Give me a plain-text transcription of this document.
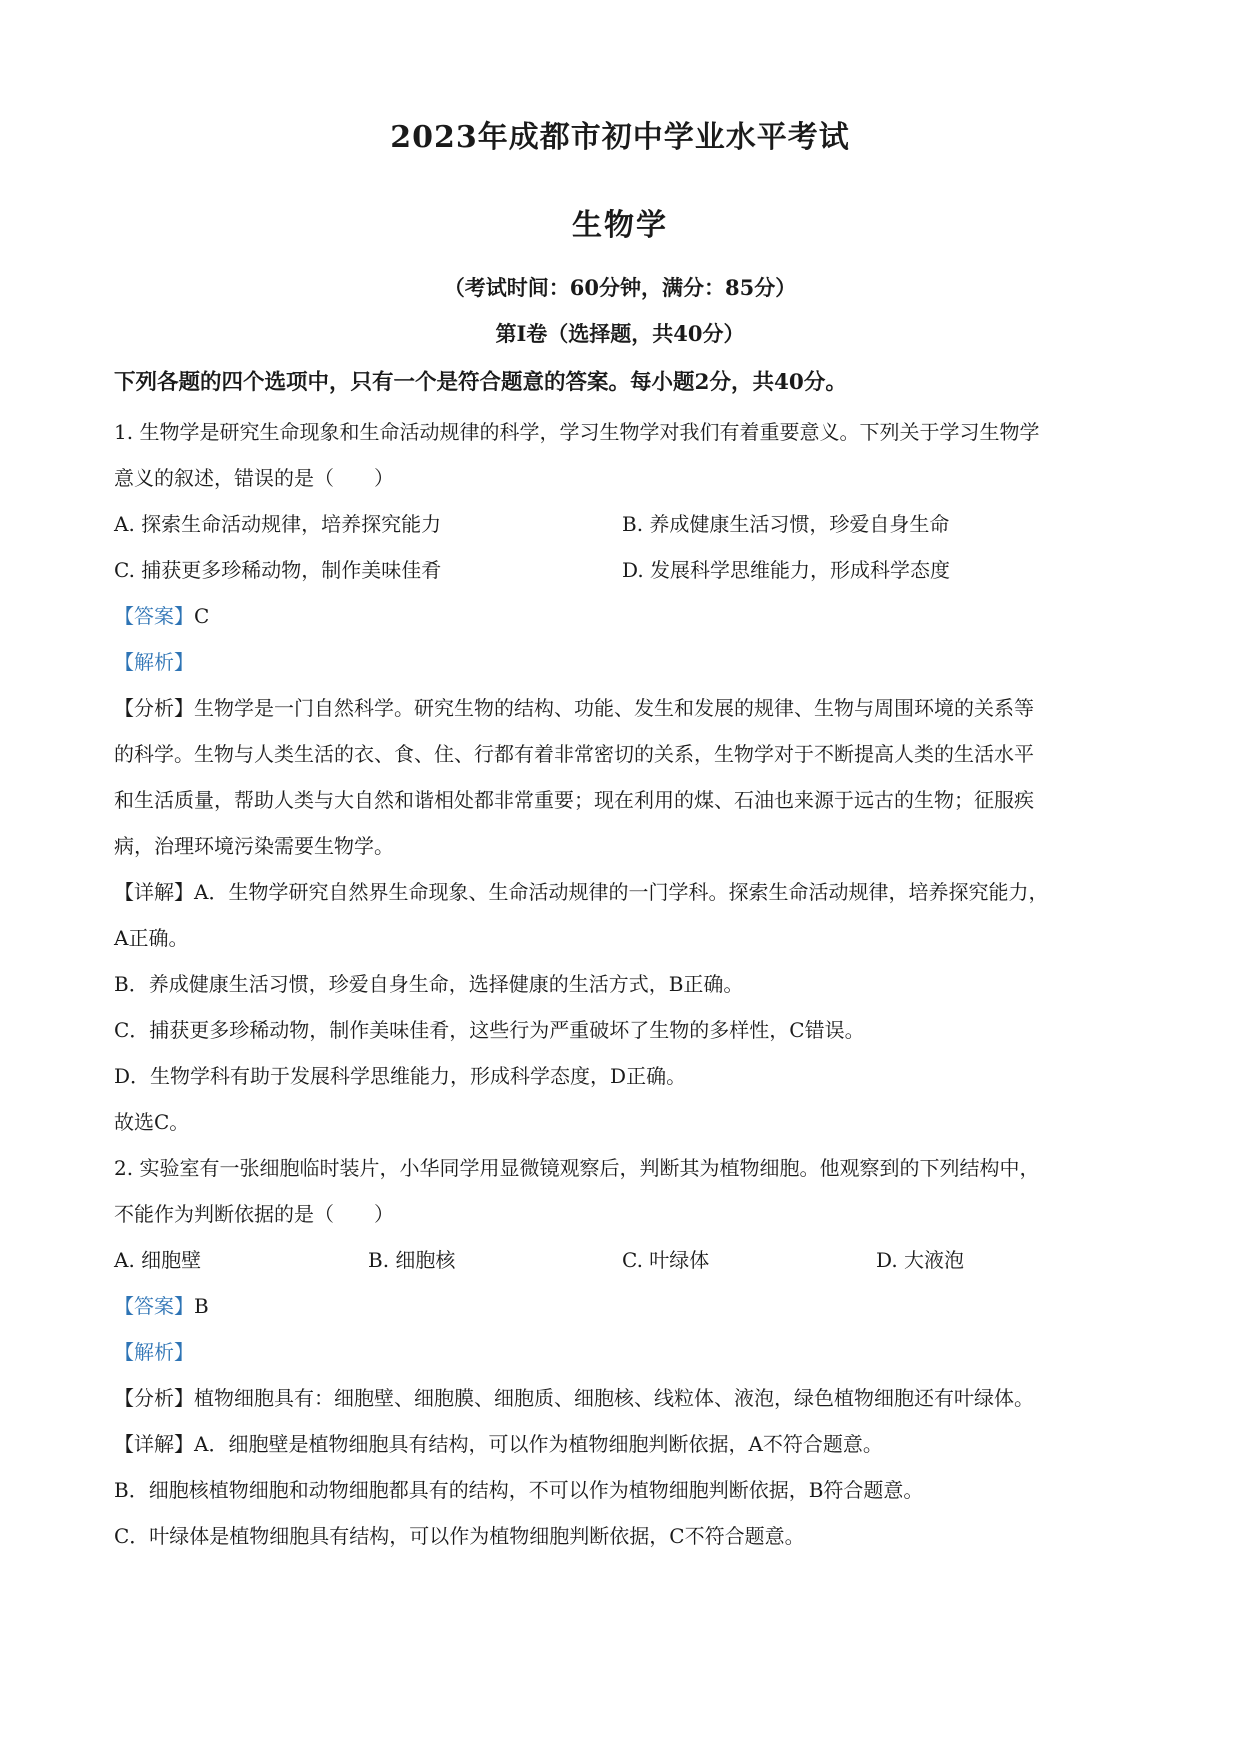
2023年成都市初中学业水平考试
生物学
（考试时间：60分钟，满分：85分）
第I卷（选择题，共40分）
下列各题的四个选项中，只有一个是符合题意的答案。每小题2分，共40分。
1. 生物学是研究生命现象和生命活动规律的科学，学习生物学对我们有着重要意义。下列关于学习生物学
意义的叙述，错误的是（　　）
A. 探索生命活动规律，培养探究能力	B. 养成健康生活习惯，珍爱自身生命
C. 捕获更多珍稀动物，制作美味佳肴	D. 发展科学思维能力，形成科学态度
【答案】C
【解析】
【分析】生物学是一门自然科学。研究生物的结构、功能、发生和发展的规律、生物与周围环境的关系等
的科学。生物与人类生活的衣、食、住、行都有着非常密切的关系，生物学对于不断提高人类的生活水平
和生活质量，帮助人类与大自然和谐相处都非常重要；现在利用的煤、石油也来源于远古的生物；征服疾
病，治理环境污染需要生物学。
【详解】A．生物学研究自然界生命现象、生命活动规律的一门学科。探索生命活动规律，培养探究能力，
A正确。
B．养成健康生活习惯，珍爱自身生命，选择健康的生活方式，B正确。
C．捕获更多珍稀动物，制作美味佳肴，这些行为严重破坏了生物的多样性，C错误。
D．生物学科有助于发展科学思维能力，形成科学态度，D正确。
故选C。
2. 实验室有一张细胞临时装片，小华同学用显微镜观察后，判断其为植物细胞。他观察到的下列结构中，
不能作为判断依据的是（　　）
A. 细胞壁	B. 细胞核	C. 叶绿体	D. 大液泡
【答案】B
【解析】
【分析】植物细胞具有：细胞壁、细胞膜、细胞质、细胞核、线粒体、液泡，绿色植物细胞还有叶绿体。
【详解】A．细胞壁是植物细胞具有结构，可以作为植物细胞判断依据，A不符合题意。
B．细胞核植物细胞和动物细胞都具有的结构，不可以作为植物细胞判断依据，B符合题意。
C．叶绿体是植物细胞具有结构，可以作为植物细胞判断依据，C不符合题意。
